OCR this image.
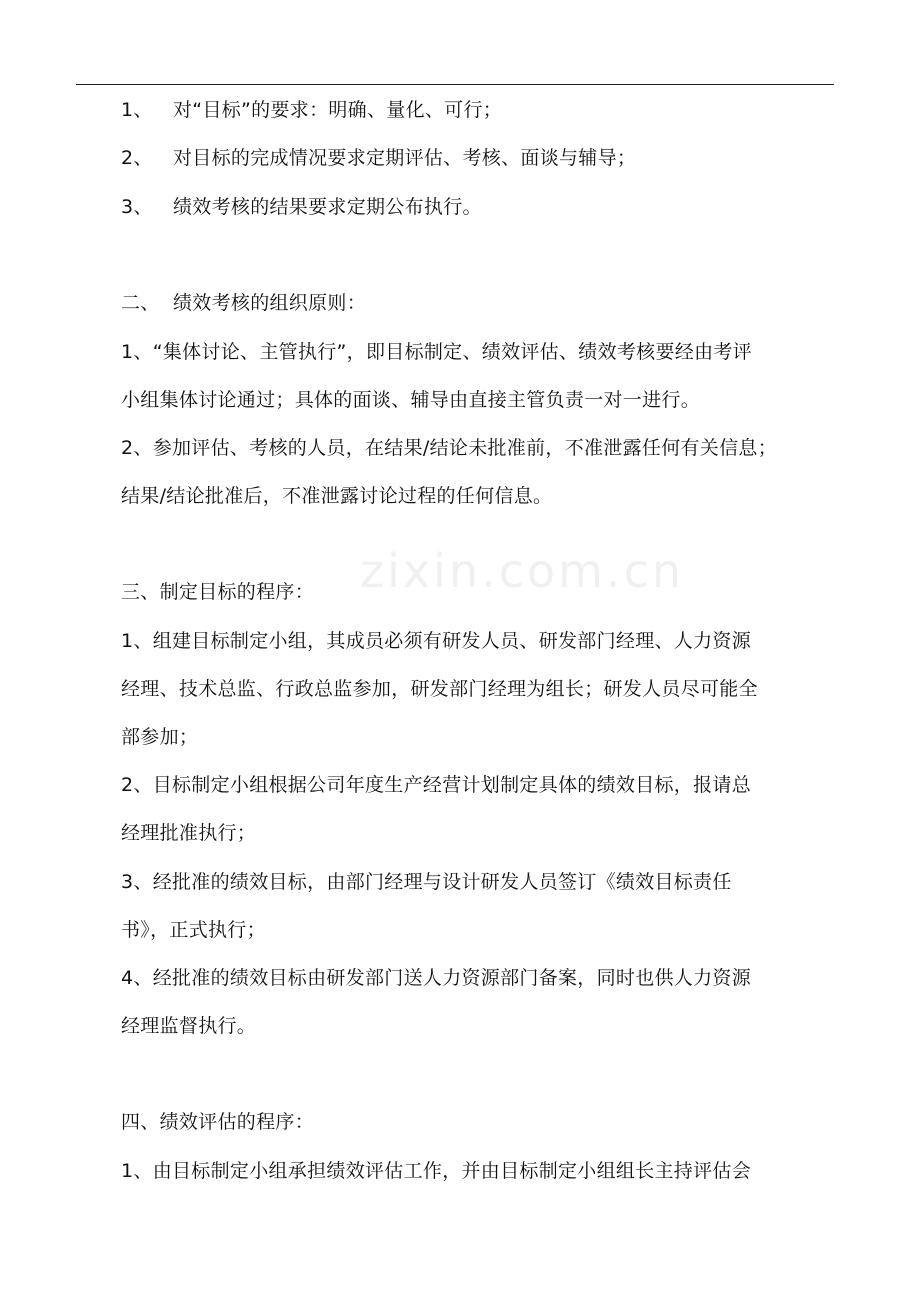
zixin.com.cn
1、 对“目标”的要求：明确、量化、可行；
2、 对目标的完成情况要求定期评估、考核、面谈与辅导；
3、 绩效考核的结果要求定期公布执行。
二、 绩效考核的组织原则：
1、“集体讨论、主管执行”，即目标制定、绩效评估、绩效考核要经由考评
小组集体讨论通过；具体的面谈、辅导由直接主管负责一对一进行。
2、参加评估、考核的人员，在结果/结论未批准前，不准泄露任何有关信息；
结果/结论批准后，不准泄露讨论过程的任何信息。
三、制定目标的程序：
1、组建目标制定小组，其成员必须有研发人员、研发部门经理、人力资源
经理、技术总监、行政总监参加，研发部门经理为组长；研发人员尽可能全
部参加；
2、目标制定小组根据公司年度生产经营计划制定具体的绩效目标，报请总
经理批准执行；
3、经批准的绩效目标，由部门经理与设计研发人员签订《绩效目标责任
书》，正式执行；
4、经批准的绩效目标由研发部门送人力资源部门备案，同时也供人力资源
经理监督执行。
四、绩效评估的程序：
1、由目标制定小组承担绩效评估工作，并由目标制定小组组长主持评估会
